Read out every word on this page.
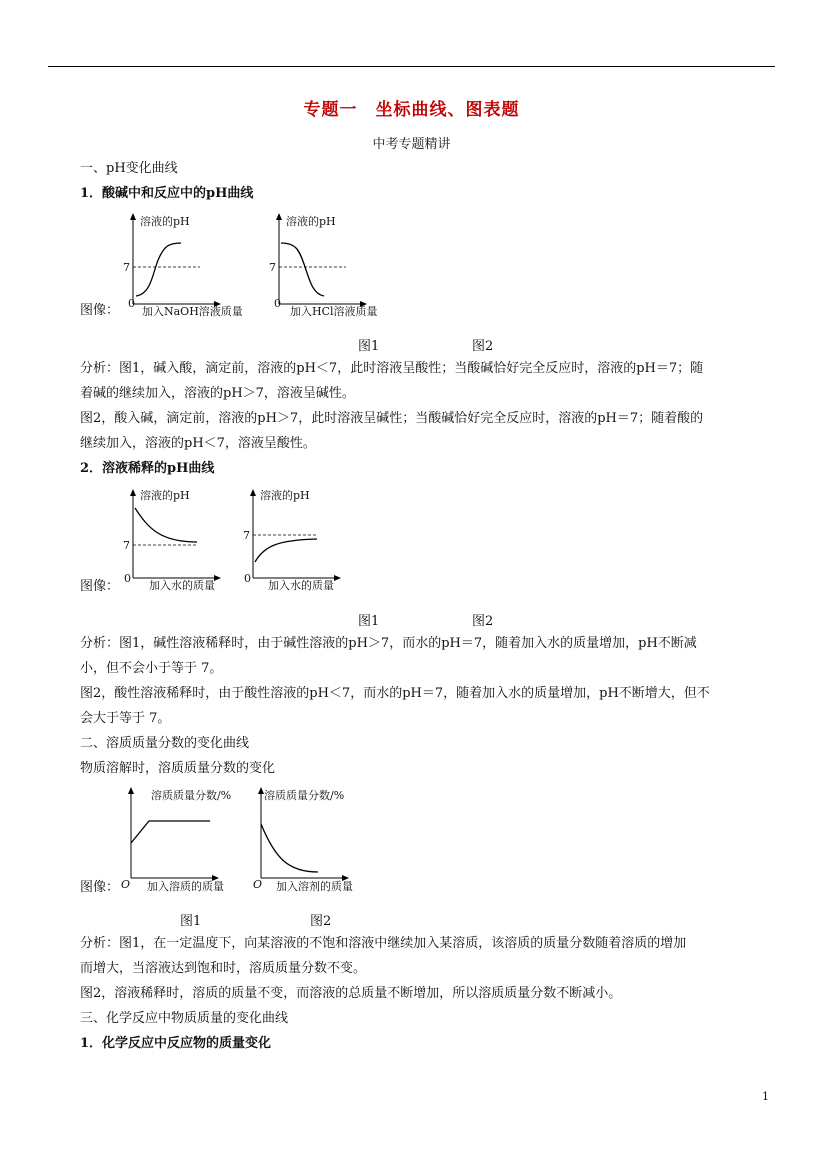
专题一　坐标曲线、图表题
中考专题精讲
一、pH变化曲线
1．酸碱中和反应中的pH曲线
图像：
溶液的pH
7
0
加入NaOH溶液质量
溶液的pH
7
0
加入HCl溶液质量
图1	图2
分析：图1，碱入酸，滴定前，溶液的pH＜7，此时溶液呈酸性；当酸碱恰好完全反应时，溶液的pH＝7；随
着碱的继续加入，溶液的pH＞7，溶液呈碱性。
图2，酸入碱，滴定前，溶液的pH＞7，此时溶液呈碱性；当酸碱恰好完全反应时，溶液的pH＝7；随着酸的
继续加入，溶液的pH＜7，溶液呈酸性。
2．溶液稀释的pH曲线
图像：
溶液的pH
7
0
加入水的质量
溶液的pH
7
0
加入水的质量
图1	图2
分析：图1，碱性溶液稀释时，由于碱性溶液的pH＞7，而水的pH＝7，随着加入水的质量增加，pH不断减
小，但不会小于等于 7。
图2，酸性溶液稀释时，由于酸性溶液的pH＜7，而水的pH＝7，随着加入水的质量增加，pH不断增大，但不
会大于等于 7。
二、溶质质量分数的变化曲线
物质溶解时，溶质质量分数的变化
图像：
溶质质量分数/%
O 加入溶质的质量
溶质质量分数/%
O 加入溶剂的质量
图1	图2
分析：图1，在一定温度下，向某溶液的不饱和溶液中继续加入某溶质，该溶质的质量分数随着溶质的增加
而增大，当溶液达到饱和时，溶质质量分数不变。
图2，溶液稀释时，溶质的质量不变，而溶液的总质量不断增加，所以溶质质量分数不断减小。
三、化学反应中物质质量的变化曲线
1．化学反应中反应物的质量变化
1
